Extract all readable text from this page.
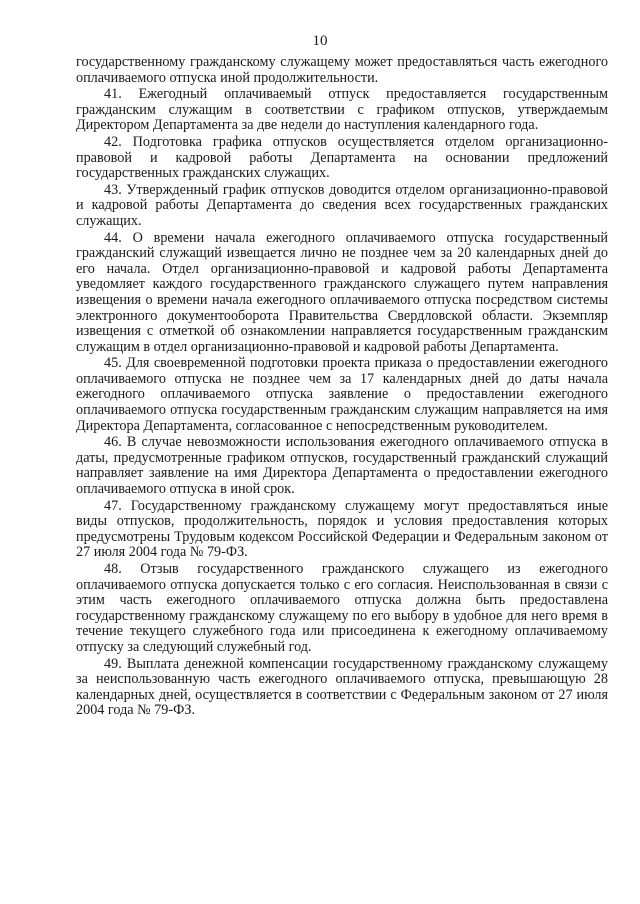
10

государственному гражданскому служащему может предоставляться часть ежегодного оплачиваемого отпуска иной продолжительности.

41. Ежегодный оплачиваемый отпуск предоставляется государственным гражданским служащим в соответствии с графиком отпусков, утверждаемым Директором Департамента за две недели до наступления календарного года.

42. Подготовка графика отпусков осуществляется отделом организационно-правовой и кадровой работы Департамента на основании предложений государственных гражданских служащих.

43. Утвержденный график отпусков доводится отделом организационно-правовой и кадровой работы Департамента до сведения всех государственных гражданских служащих.

44. О времени начала ежегодного оплачиваемого отпуска государственный гражданский служащий извещается лично не позднее чем за 20 календарных дней до его начала. Отдел организационно-правовой и кадровой работы Департамента уведомляет каждого государственного гражданского служащего путем направления извещения о времени начала ежегодного оплачиваемого отпуска посредством системы электронного документооборота Правительства Свердловской области. Экземпляр извещения с отметкой об ознакомлении направляется государственным гражданским служащим в отдел организационно-правовой и кадровой работы Департамента.

45. Для своевременной подготовки проекта приказа о предоставлении ежегодного оплачиваемого отпуска не позднее чем за 17 календарных дней до даты начала ежегодного оплачиваемого отпуска заявление о предоставлении ежегодного оплачиваемого отпуска государственным гражданским служащим направляется на имя Директора Департамента, согласованное с непосредственным руководителем.

46. В случае невозможности использования ежегодного оплачиваемого отпуска в даты, предусмотренные графиком отпусков, государственный гражданский служащий направляет заявление на имя Директора Департамента о предоставлении ежегодного оплачиваемого отпуска в иной срок.

47. Государственному гражданскому служащему могут предоставляться иные виды отпусков, продолжительность, порядок и условия предоставления которых предусмотрены Трудовым кодексом Российской Федерации и Федеральным законом от 27 июля 2004 года № 79-ФЗ.

48. Отзыв государственного гражданского служащего из ежегодного оплачиваемого отпуска допускается только с его согласия. Неиспользованная в связи с этим часть ежегодного оплачиваемого отпуска должна быть предоставлена государственному гражданскому служащему по его выбору в удобное для него время в течение текущего служебного года или присоединена к ежегодному оплачиваемому отпуску за следующий служебный год.

49. Выплата денежной компенсации государственному гражданскому служащему за неиспользованную часть ежегодного оплачиваемого отпуска, превышающую 28 календарных дней, осуществляется в соответствии с Федеральным законом от 27 июля 2004 года № 79-ФЗ.
